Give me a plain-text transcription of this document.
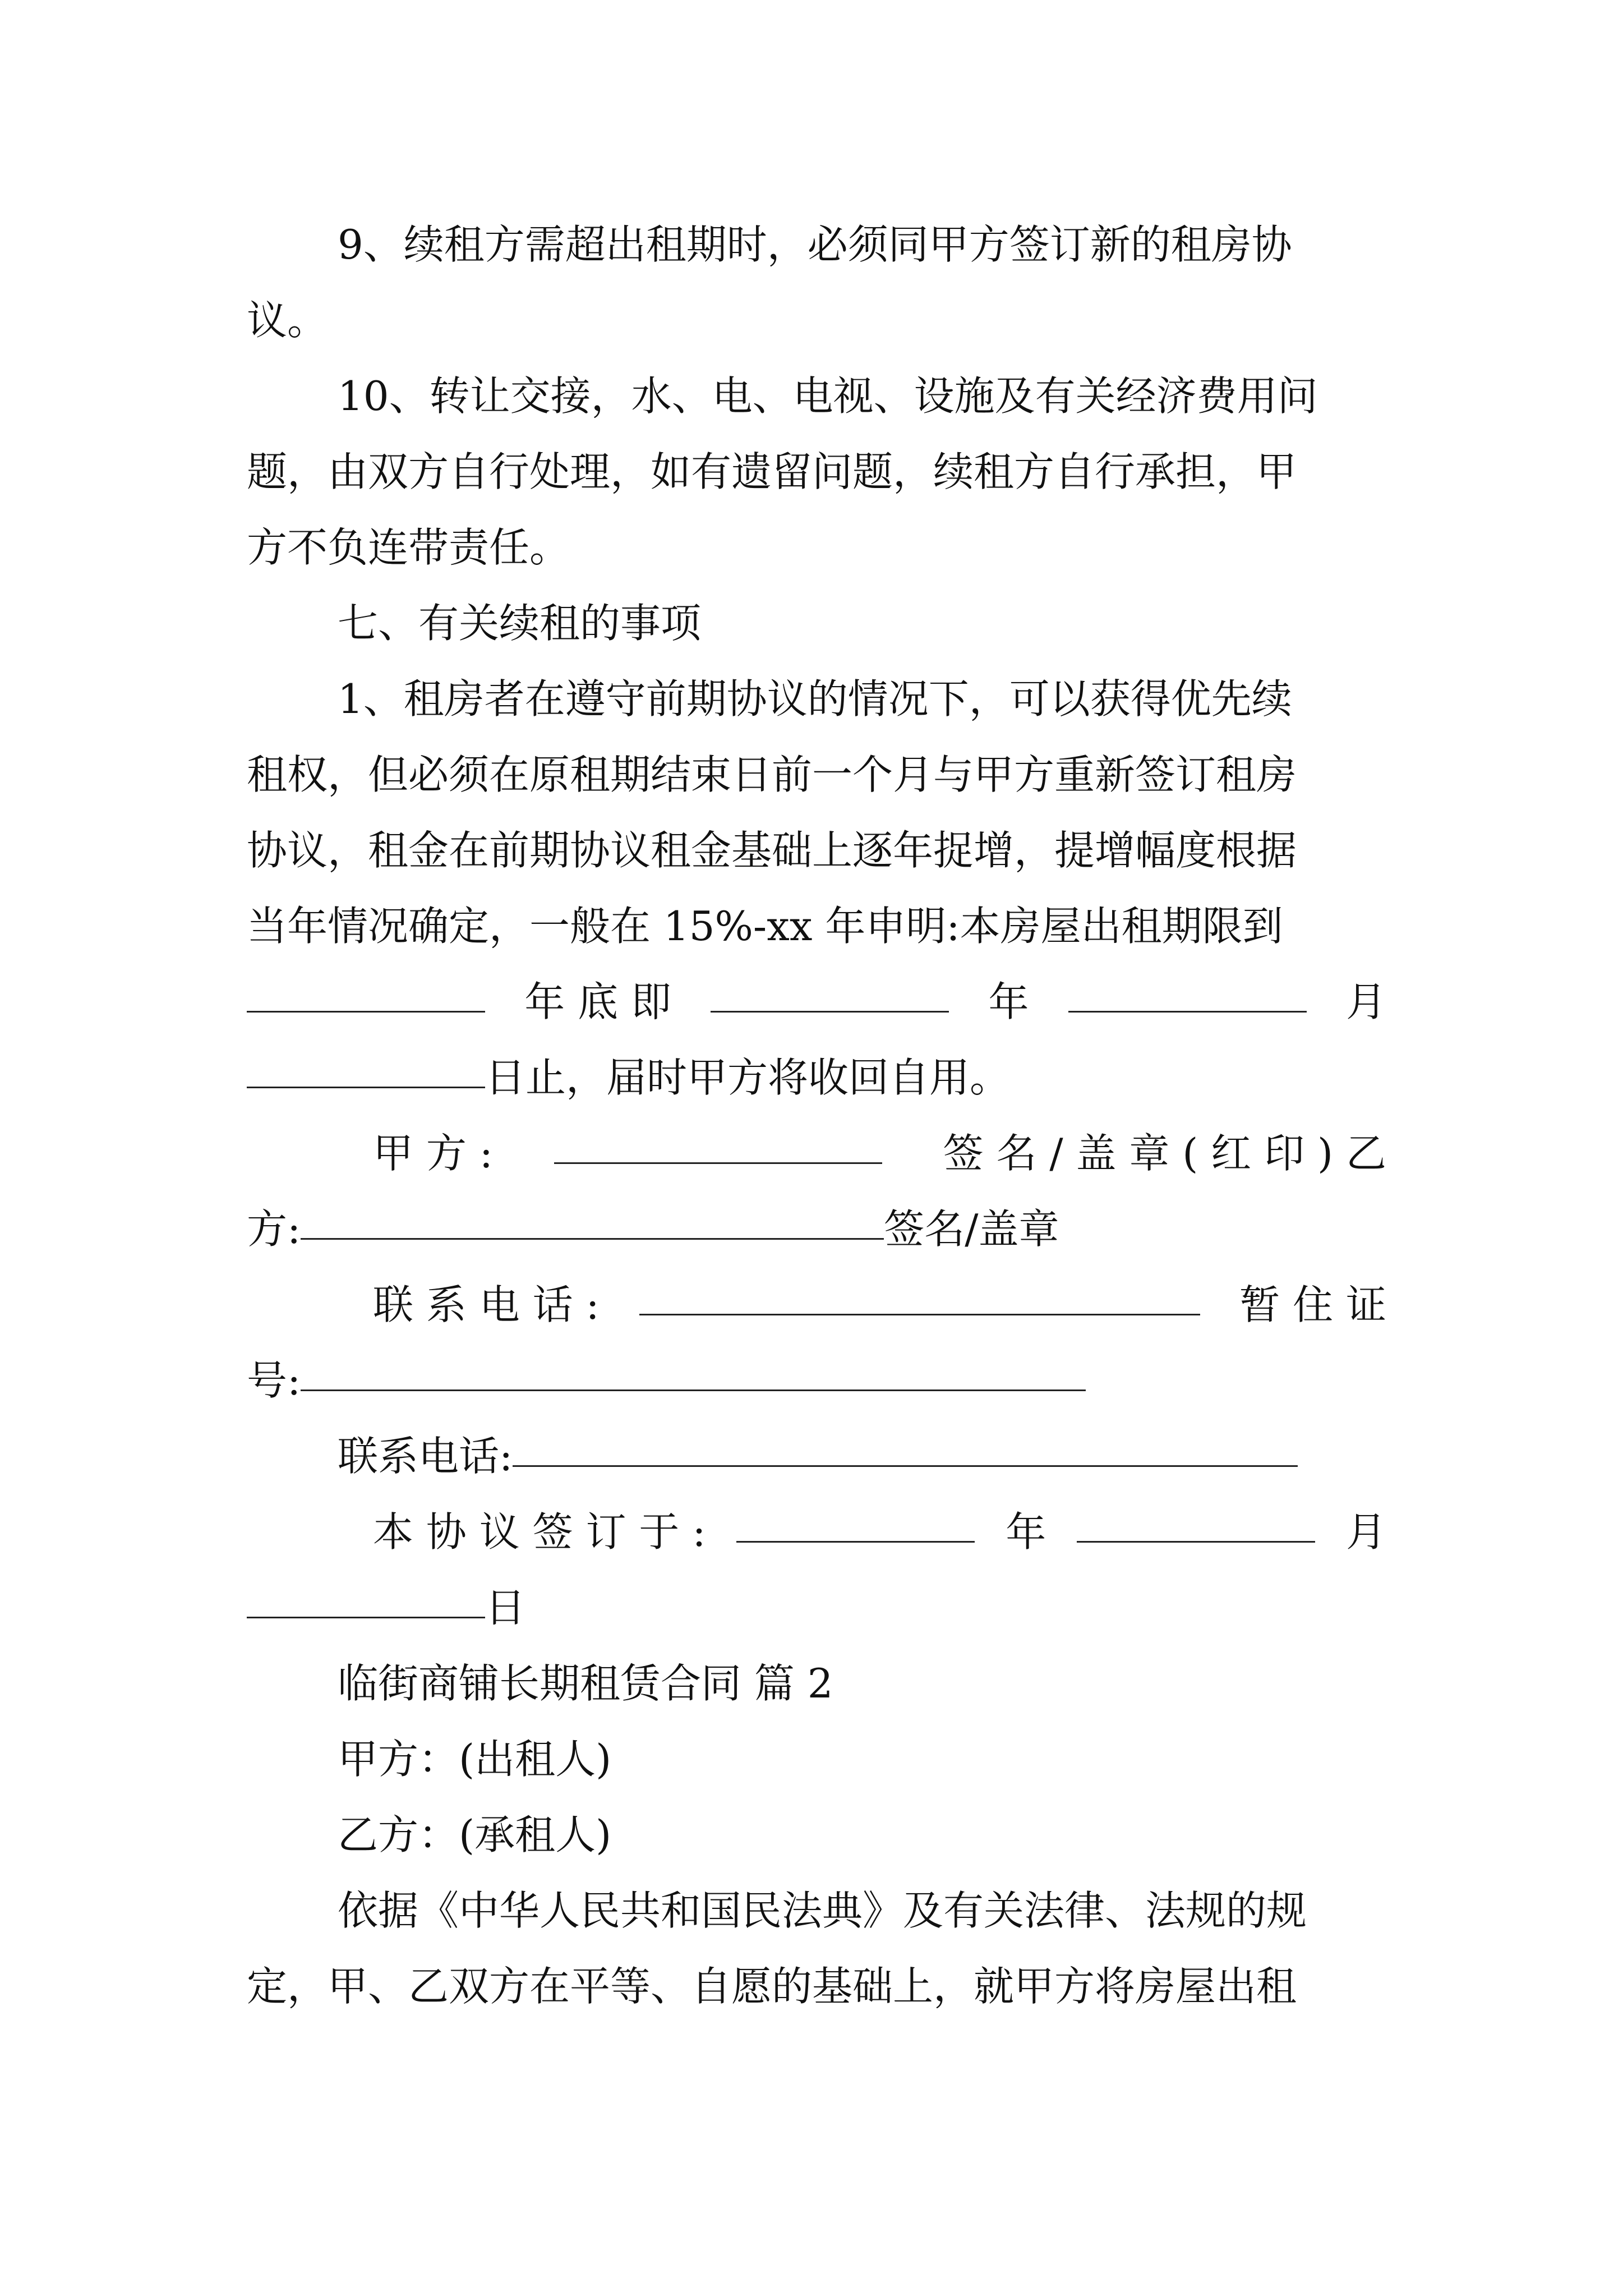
9、续租方需超出租期时，必须同甲方签订新的租房协
议。
10、转让交接，水、电、电视、设施及有关经济费用问
题，由双方自行处理，如有遗留问题，续租方自行承担，甲
方不负连带责任。
七、有关续租的事项
1、租房者在遵守前期协议的情况下，可以获得优先续
租权，但必须在原租期结束日前一个月与甲方重新签订租房
协议，租金在前期协议租金基础上逐年捉增，提增幅度根据
当年情况确定，一般在 15%-xx 年申明:本房屋出租期限到
年 底 即	年	月
日止，届时甲方将收回自用。
甲 方 :	签 名 / 盖 章 ( 红 印 ) 乙
方:	签名/盖章
联 系 电 话 :	暂 住 证
号:
联系电话:
本 协 议 签 订 于 :	年	月
日
临街商铺长期租赁合同 篇 2
甲方：(出租人)
乙方：(承租人)
依据《中华人民共和国民法典》及有关法律、法规的规
定，甲、乙双方在平等、自愿的基础上，就甲方将房屋出租
